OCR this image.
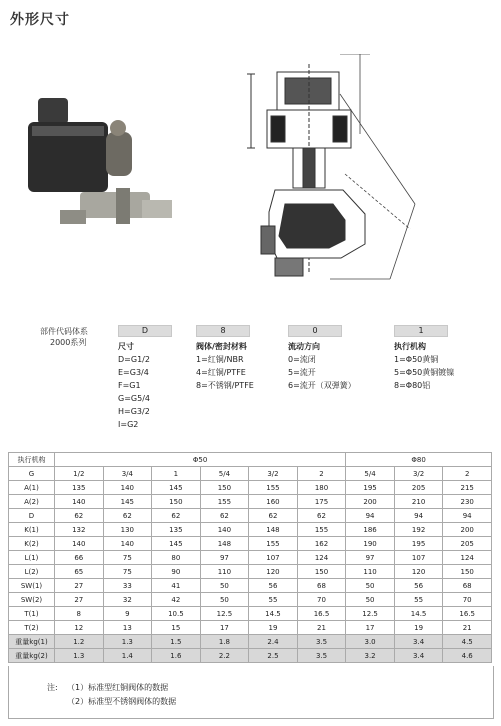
外形尺寸
部件代码体系
2000系列
D
尺寸
D=G1/2
E=G3/4
F=G1
G=G5/4
H=G3/2
I=G2
8
阀体/密封材料
1=红铜/NBR
4=红铜/PTFE
8=不锈钢/PTFE
0
流动方向
0=流闭
5=流开
6=流开（双弹簧）
1
执行机构
1=Φ50黄铜
5=Φ50黄铜镀镍
8=Φ80铝
执行机构	Φ50						Φ80		
G	1/2	3/4	1	5/4	3/2	2	5/4	3/2	2
A(1)	135	140	145	150	155	180	195	205	215
A(2)	140	145	150	155	160	175	200	210	230
D	62	62	62	62	62	62	94	94	94
K(1)	132	130	135	140	148	155	186	192	200
K(2)	140	140	145	148	155	162	190	195	205
L(1)	66	75	80	97	107	124	97	107	124
L(2)	65	75	90	110	120	150	110	120	150
SW(1)	27	33	41	50	56	68	50	56	68
SW(2)	27	32	42	50	55	70	50	55	70
T(1)	8	9	10.5	12.5	14.5	16.5	12.5	14.5	16.5
T(2)	12	13	15	17	19	21	17	19	21
重量kg(1)	1.2	1.3	1.5	1.8	2.4	3.5	3.0	3.4	4.5
重量kg(2)	1.3	1.4	1.6	2.2	2.5	3.5	3.2	3.4	4.6
注: （1）标准型红铜阀体的数据
（2）标准型不锈钢阀体的数据
